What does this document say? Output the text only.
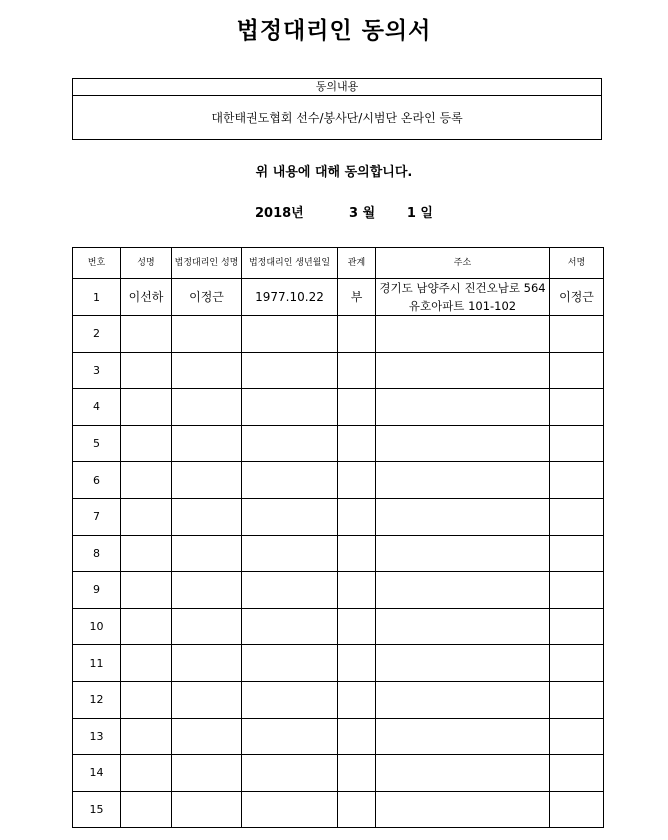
법정대리인 동의서
동의내용
대한태권도협회 선수/봉사단/시범단 온라인 등록
위 내용에 대해 동의합니다.
2018년	3 월 1 일
번호	성명	법정대리인 성명	법정대리인 생년월일	관계	주소	서명
1	이선하	이정근	1977.10.22	부	경기도 남양주시 진건오남로 564 유호아파트 101-102	이정근
2						
3						
4						
5						
6						
7						
8						
9						
10						
11						
12						
13						
14						
15						
